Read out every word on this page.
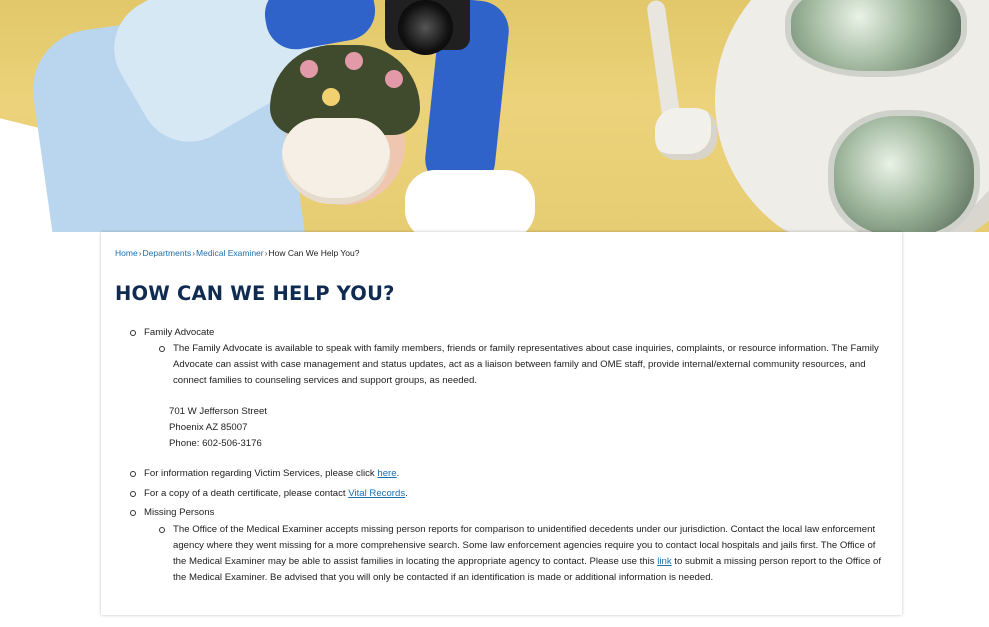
Home›Departments›Medical Examiner›How Can We Help You?
HOW CAN WE HELP YOU?
Family Advocate
The Family Advocate is available to speak with family members, friends or family representatives about case inquiries, complaints, or resource information. The Family Advocate can assist with case management and status updates, act as a liaison between family and OME staff, provide internal/external community resources, and connect families to counseling services and support groups, as needed.
701 W Jefferson Street
Phoenix AZ 85007
Phone: 602-506-3176
For information regarding Victim Services, please click here.
For a copy of a death certificate, please contact Vital Records.
Missing Persons
The Office of the Medical Examiner accepts missing person reports for comparison to unidentified decedents under our jurisdiction. Contact the local law enforcement agency where they went missing for a more comprehensive search. Some law enforcement agencies require you to contact local hospitals and jails first. The Office of the Medical Examiner may be able to assist families in locating the appropriate agency to contact. Please use this link to submit a missing person report to the Office of the Medical Examiner. Be advised that you will only be contacted if an identification is made or additional information is needed.
